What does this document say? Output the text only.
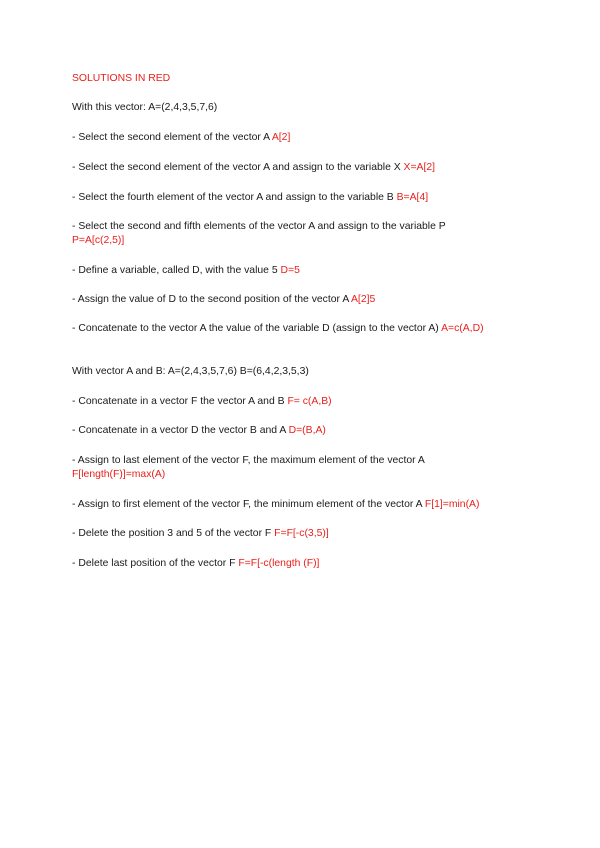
SOLUTIONS IN RED
With this vector: A=(2,4,3,5,7,6)
- Select the second element of the vector A A[2]
- Select the second element of the vector A and assign to the variable X X=A[2]
- Select the fourth element of the vector A and assign to the variable B B=A[4]
- Select the second and fifth elements of the vector A and assign to the variable P
P=A[c(2,5)]
- Define a variable, called D, with the value 5 D=5
- Assign the value of D to the second position of the vector A A[2]5
- Concatenate to the vector A the value of the variable D (assign to the vector A) A=c(A,D)
With vector A and B: A=(2,4,3,5,7,6) B=(6,4,2,3,5,3)
- Concatenate in a vector F the vector A and B F= c(A,B)
- Concatenate in a vector D the vector B and A D=(B,A)
- Assign to last element of the vector F, the maximum element of the vector A
F[length(F)]=max(A)
- Assign to first element of the vector F, the minimum element of the vector A F[1]=min(A)
- Delete the position 3 and 5 of the vector F F=F[-c(3,5)]
- Delete last position of the vector F F=F[-c(length (F)]
